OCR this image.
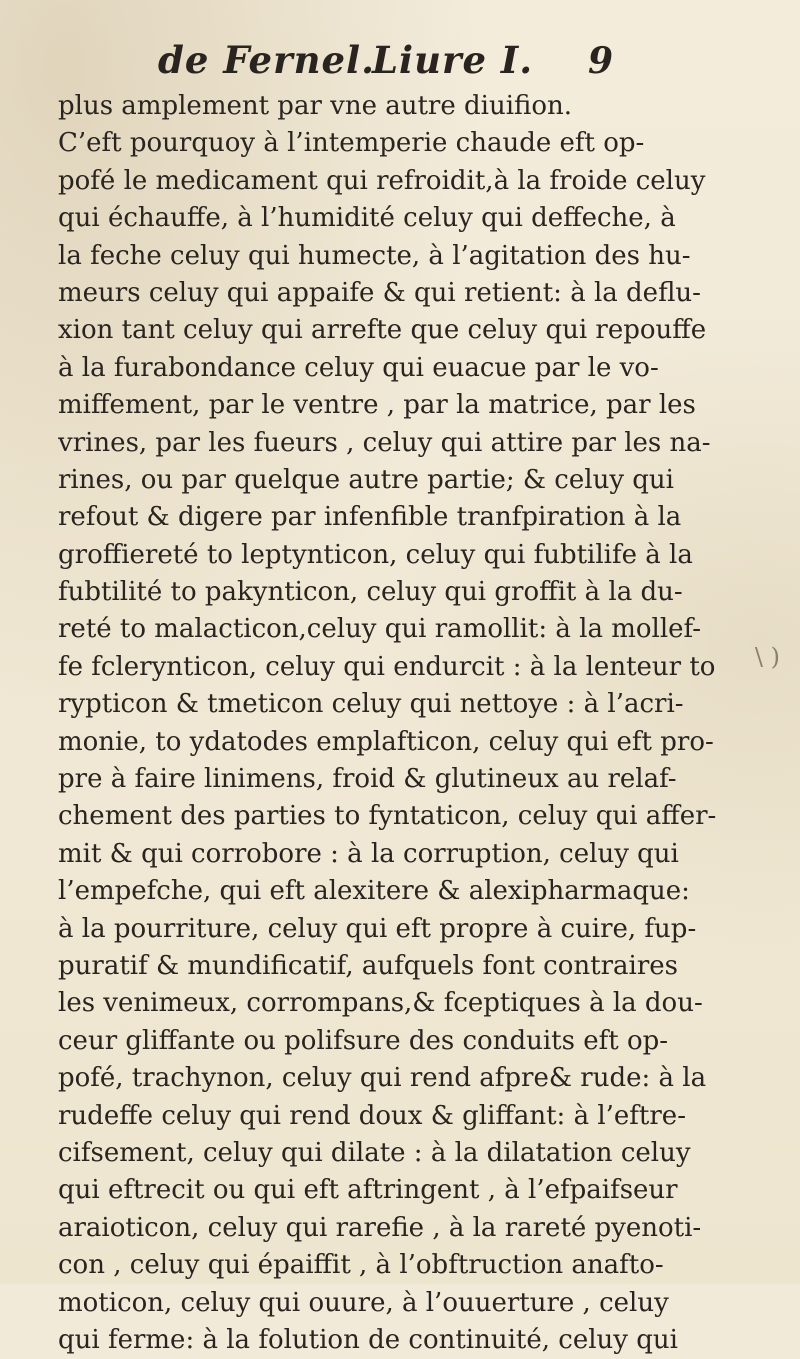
de Fernel.
Liure I. 9
plus amplement par vne autre diuifion.
C’eft pourquoy à l’intemperie chaude eft op-
pofé le medicament qui refroidit,à la froide celuy
qui échauffe, à l’humidité celuy qui deffeche, à
la feche celuy qui humecte, à l’agitation des hu-
meurs celuy qui appaife & qui retient: à la deflu-
xion tant celuy qui arrefte que celuy qui repouffe
à la furabondance celuy qui euacue par le vo-
miffement, par le ventre , par la matrice, par les
vrines, par les fueurs , celuy qui attire par les na-
rines, ou par quelque autre partie; & celuy qui
refout & digere par infenfible tranfpiration à la
groffiereté to leptynticon, celuy qui fubtilife à la
fubtilité to pakynticon, celuy qui groffit à la du-
reté to malacticon,celuy qui ramollit: à la mollef-
fe fclerynticon, celuy qui endurcit : à la lenteur to
rypticon & tmeticon celuy qui nettoye : à l’acri-
monie, to ydatodes emplafticon, celuy qui eft pro-
pre à faire linimens, froid & glutineux au relaf-
chement des parties to fyntaticon, celuy qui affer-
mit & qui corrobore : à la corruption, celuy qui
l’empefche, qui eft alexitere & alexipharmaque:
à la pourriture, celuy qui eft propre à cuire, fup-
puratif & mundificatif, aufquels font contraires
les venimeux, corrompans,& fceptiques à la dou-
ceur gliffante ou polifsure des conduits eft op-
pofé, trachynon, celuy qui rend afpre& rude: à la
rudeffe celuy qui rend doux & gliffant: à l’eftre-
cifsement, celuy qui dilate : à la dilatation celuy
qui eftrecit ou qui eft aftringent , à l’efpaifseur
araioticon, celuy qui rarefie , à la rareté pyenoti-
con , celuy qui épaiffit , à l’obftruction anafto-
moticon, celuy qui ouure, à l’ouuerture , celuy
qui ferme: à la folution de continuité, celuy qui
\ )
